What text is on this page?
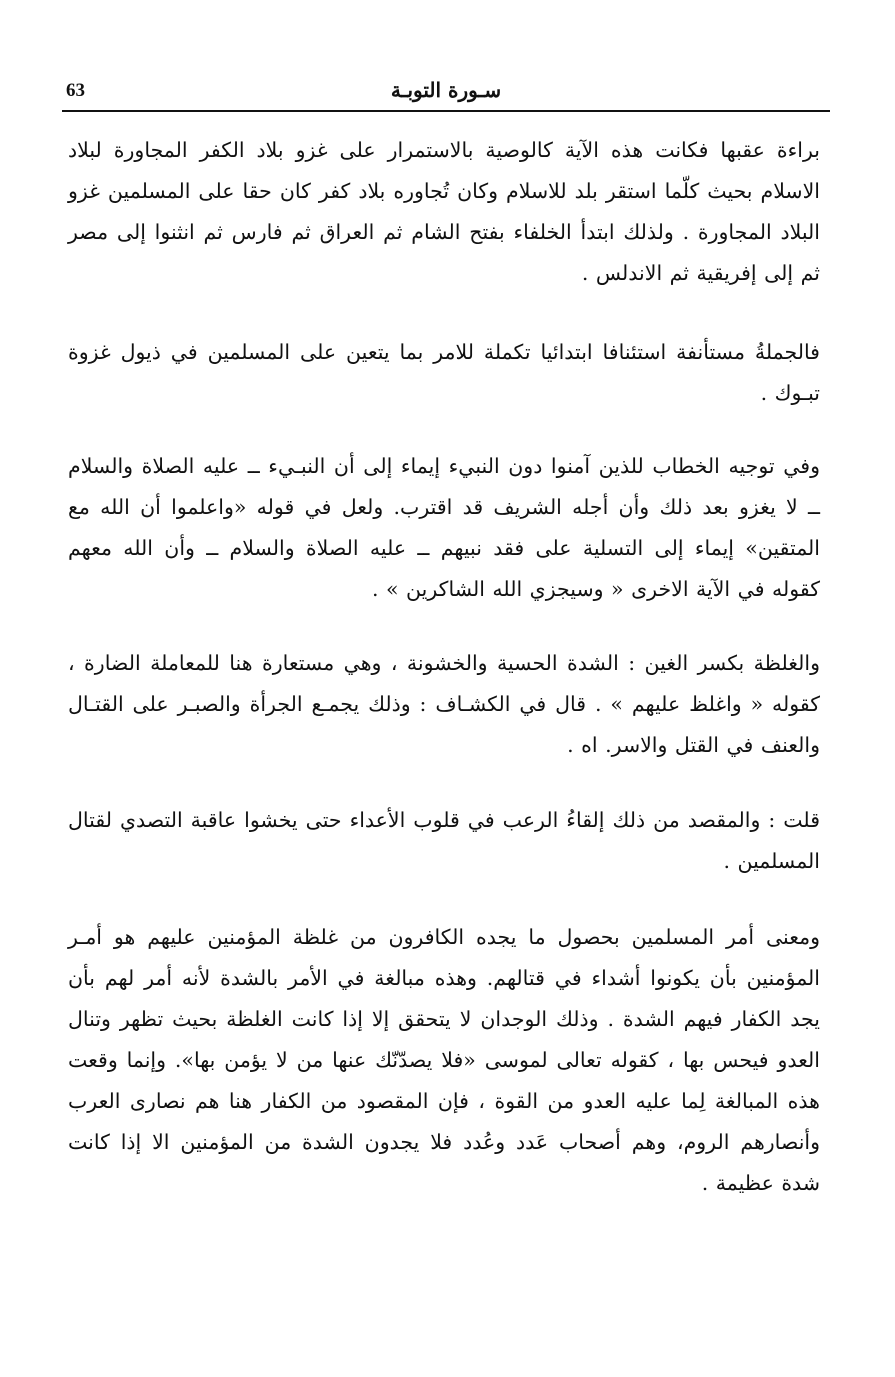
63	سـورة التوبـة

براءة عقبها فكانت هذه الآية كالوصية بالاستمرار على غزو بلاد الكفر المجاورة لبلاد الاسلام بحيث كلّما استقر بلد للاسلام وكان تُجاوره بلاد كفر كان حقا على المسلمين غزو البلاد المجاورة . ولذلك ابتدأ الخلفاء بفتح الشام ثم العراق ثم فارس ثم انثنوا إلى مصر ثم إلى إفريقية ثم الاندلس .

فالجملةُ مستأنفة استئنافا ابتدائيا تكملة للامر بما يتعين على المسلمين في ذيول غزوة تبـوك .

وفي توجيه الخطاب للذين آمنوا دون النبيء إيماء إلى أن النبـيء ــ عليه الصلاة والسلام ــ لا يغزو بعد ذلك وأن أجله الشريف قد اقترب. ولعل في قوله «واعلموا أن الله مع المتقين» إيماء إلى التسلية على فقد نبيهم ــ عليه الصلاة والسلام ــ وأن الله معهم كقوله في الآية الاخرى « وسيجزي الله الشاكرين » .

والغلظة بكسر الغين : الشدة الحسية والخشونة ، وهي مستعارة هنا للمعاملة الضارة ، كقوله « واغلظ عليهم » . قال في الكشـاف : وذلك يجمـع الجرأة والصبـر على القتـال والعنف في القتل والاسر. اه .

قلت : والمقصد من ذلك إلقاءُ الرعب في قلوب الأعداء حتى يخشوا عاقبة التصدي لقتال المسلمين .

ومعنى أمر المسلمين بحصول ما يجده الكافرون من غلظة المؤمنين عليهم هو أمـر المؤمنين بأن يكونوا أشداء في قتالهم. وهذه مبالغة في الأمر بالشدة لأنه أمر لهم بأن يجد الكفار فيهم الشدة . وذلك الوجدان لا يتحقق إلا إذا كانت الغلظة بحيث تظهر وتنال العدو فيحس بها ، كقوله تعالى لموسى «فلا يصدّنّك عنها من لا يؤمن بها». وإنما وقعت هذه المبالغة لِما عليه العدو من القوة ، فإن المقصود من الكفار هنا هم نصارى العرب وأنصارهم الروم، وهم أصحاب عَدد وعُدد فلا يجدون الشدة من المؤمنين الا إذا كانت شدة عظيمة .
